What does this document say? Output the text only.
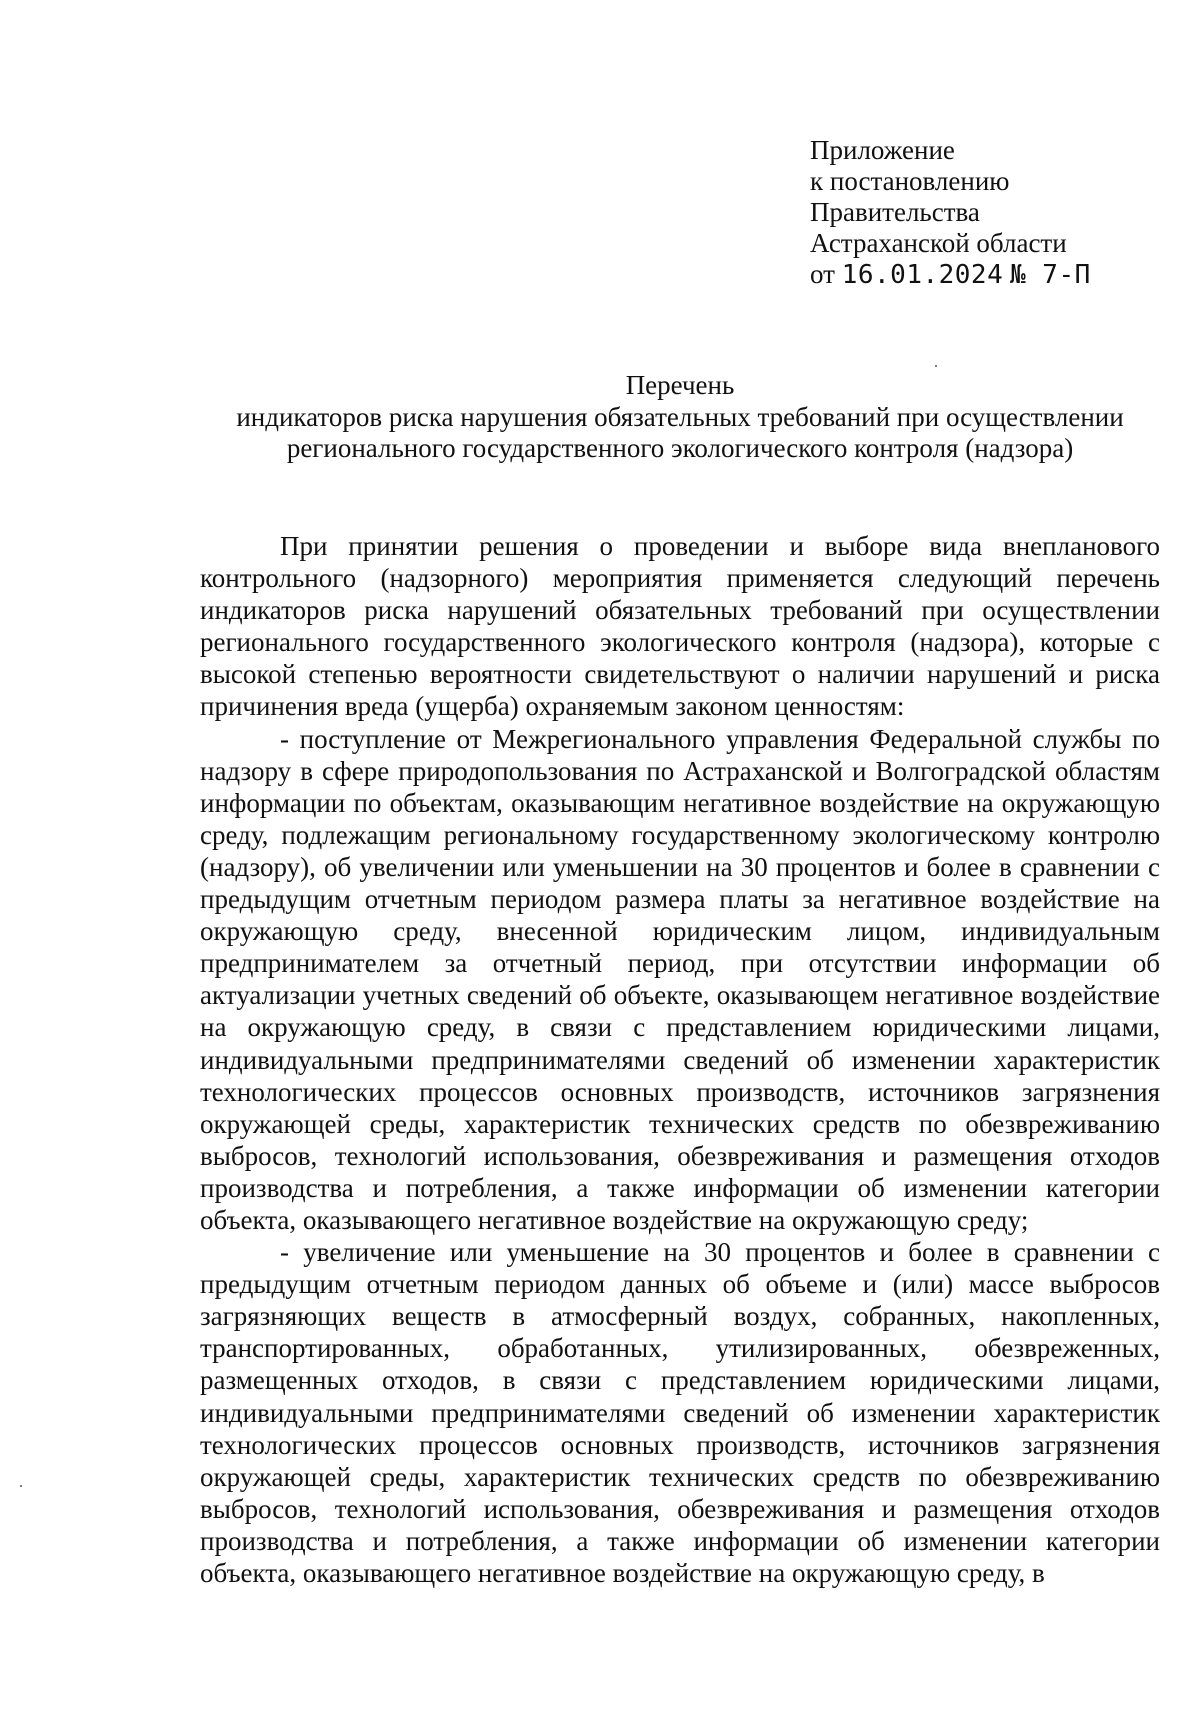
Приложение
к постановлению
Правительства
Астраханской области
от 16.01.2024 № 7-П
Перечень
индикаторов риска нарушения обязательных требований при осуществлении
регионального государственного экологического контроля (надзора)

При принятии решения о проведении и выборе вида внепланового контрольного (надзорного) мероприятия применяется следующий перечень индикаторов риска нарушений обязательных требований при осуществлении регионального государственного экологического контроля (надзора), которые с высокой степенью вероятности свидетельствуют о наличии нарушений и риска причинения вреда (ущерба) охраняемым законом ценностям:

- поступление от Межрегионального управления Федеральной службы по надзору в сфере природопользования по Астраханской и Волгоградской областям информации по объектам, оказывающим негативное воздействие на окружающую среду, подлежащим региональному государственному экологическому контролю (надзору), об увеличении или уменьшении на 30 процентов и более в сравнении с предыдущим отчетным периодом размера платы за негативное воздействие на окружающую среду, внесенной юридическим лицом, индивидуальным предпринимателем за отчетный период, при отсутствии информации об актуализации учетных сведений об объекте, оказывающем негативное воздействие на окружающую среду, в связи с представлением юридическими лицами, индивидуальными предпринимателями сведений об изменении характеристик технологических процессов основных производств, источников загрязнения окружающей среды, характеристик технических средств по обезвреживанию выбросов, технологий использования, обезвреживания и размещения отходов производства и потребления, а также информации об изменении категории объекта, оказывающего негативное воздействие на окружающую среду;

- увеличение или уменьшение на 30 процентов и более в сравнении с предыдущим отчетным периодом данных об объеме и (или) массе выбросов загрязняющих веществ в атмосферный воздух, собранных, накопленных, транспортированных, обработанных, утилизированных, обезвреженных, размещенных отходов, в связи с представлением юридическими лицами, индивидуальными предпринимателями сведений об изменении характеристик технологических процессов основных производств, источников загрязнения окружающей среды, характеристик технических средств по обезвреживанию выбросов, технологий использования, обезвреживания и размещения отходов производства и потребления, а также информации об изменении категории объекта, оказывающего негативное воздействие на окружающую среду, в
